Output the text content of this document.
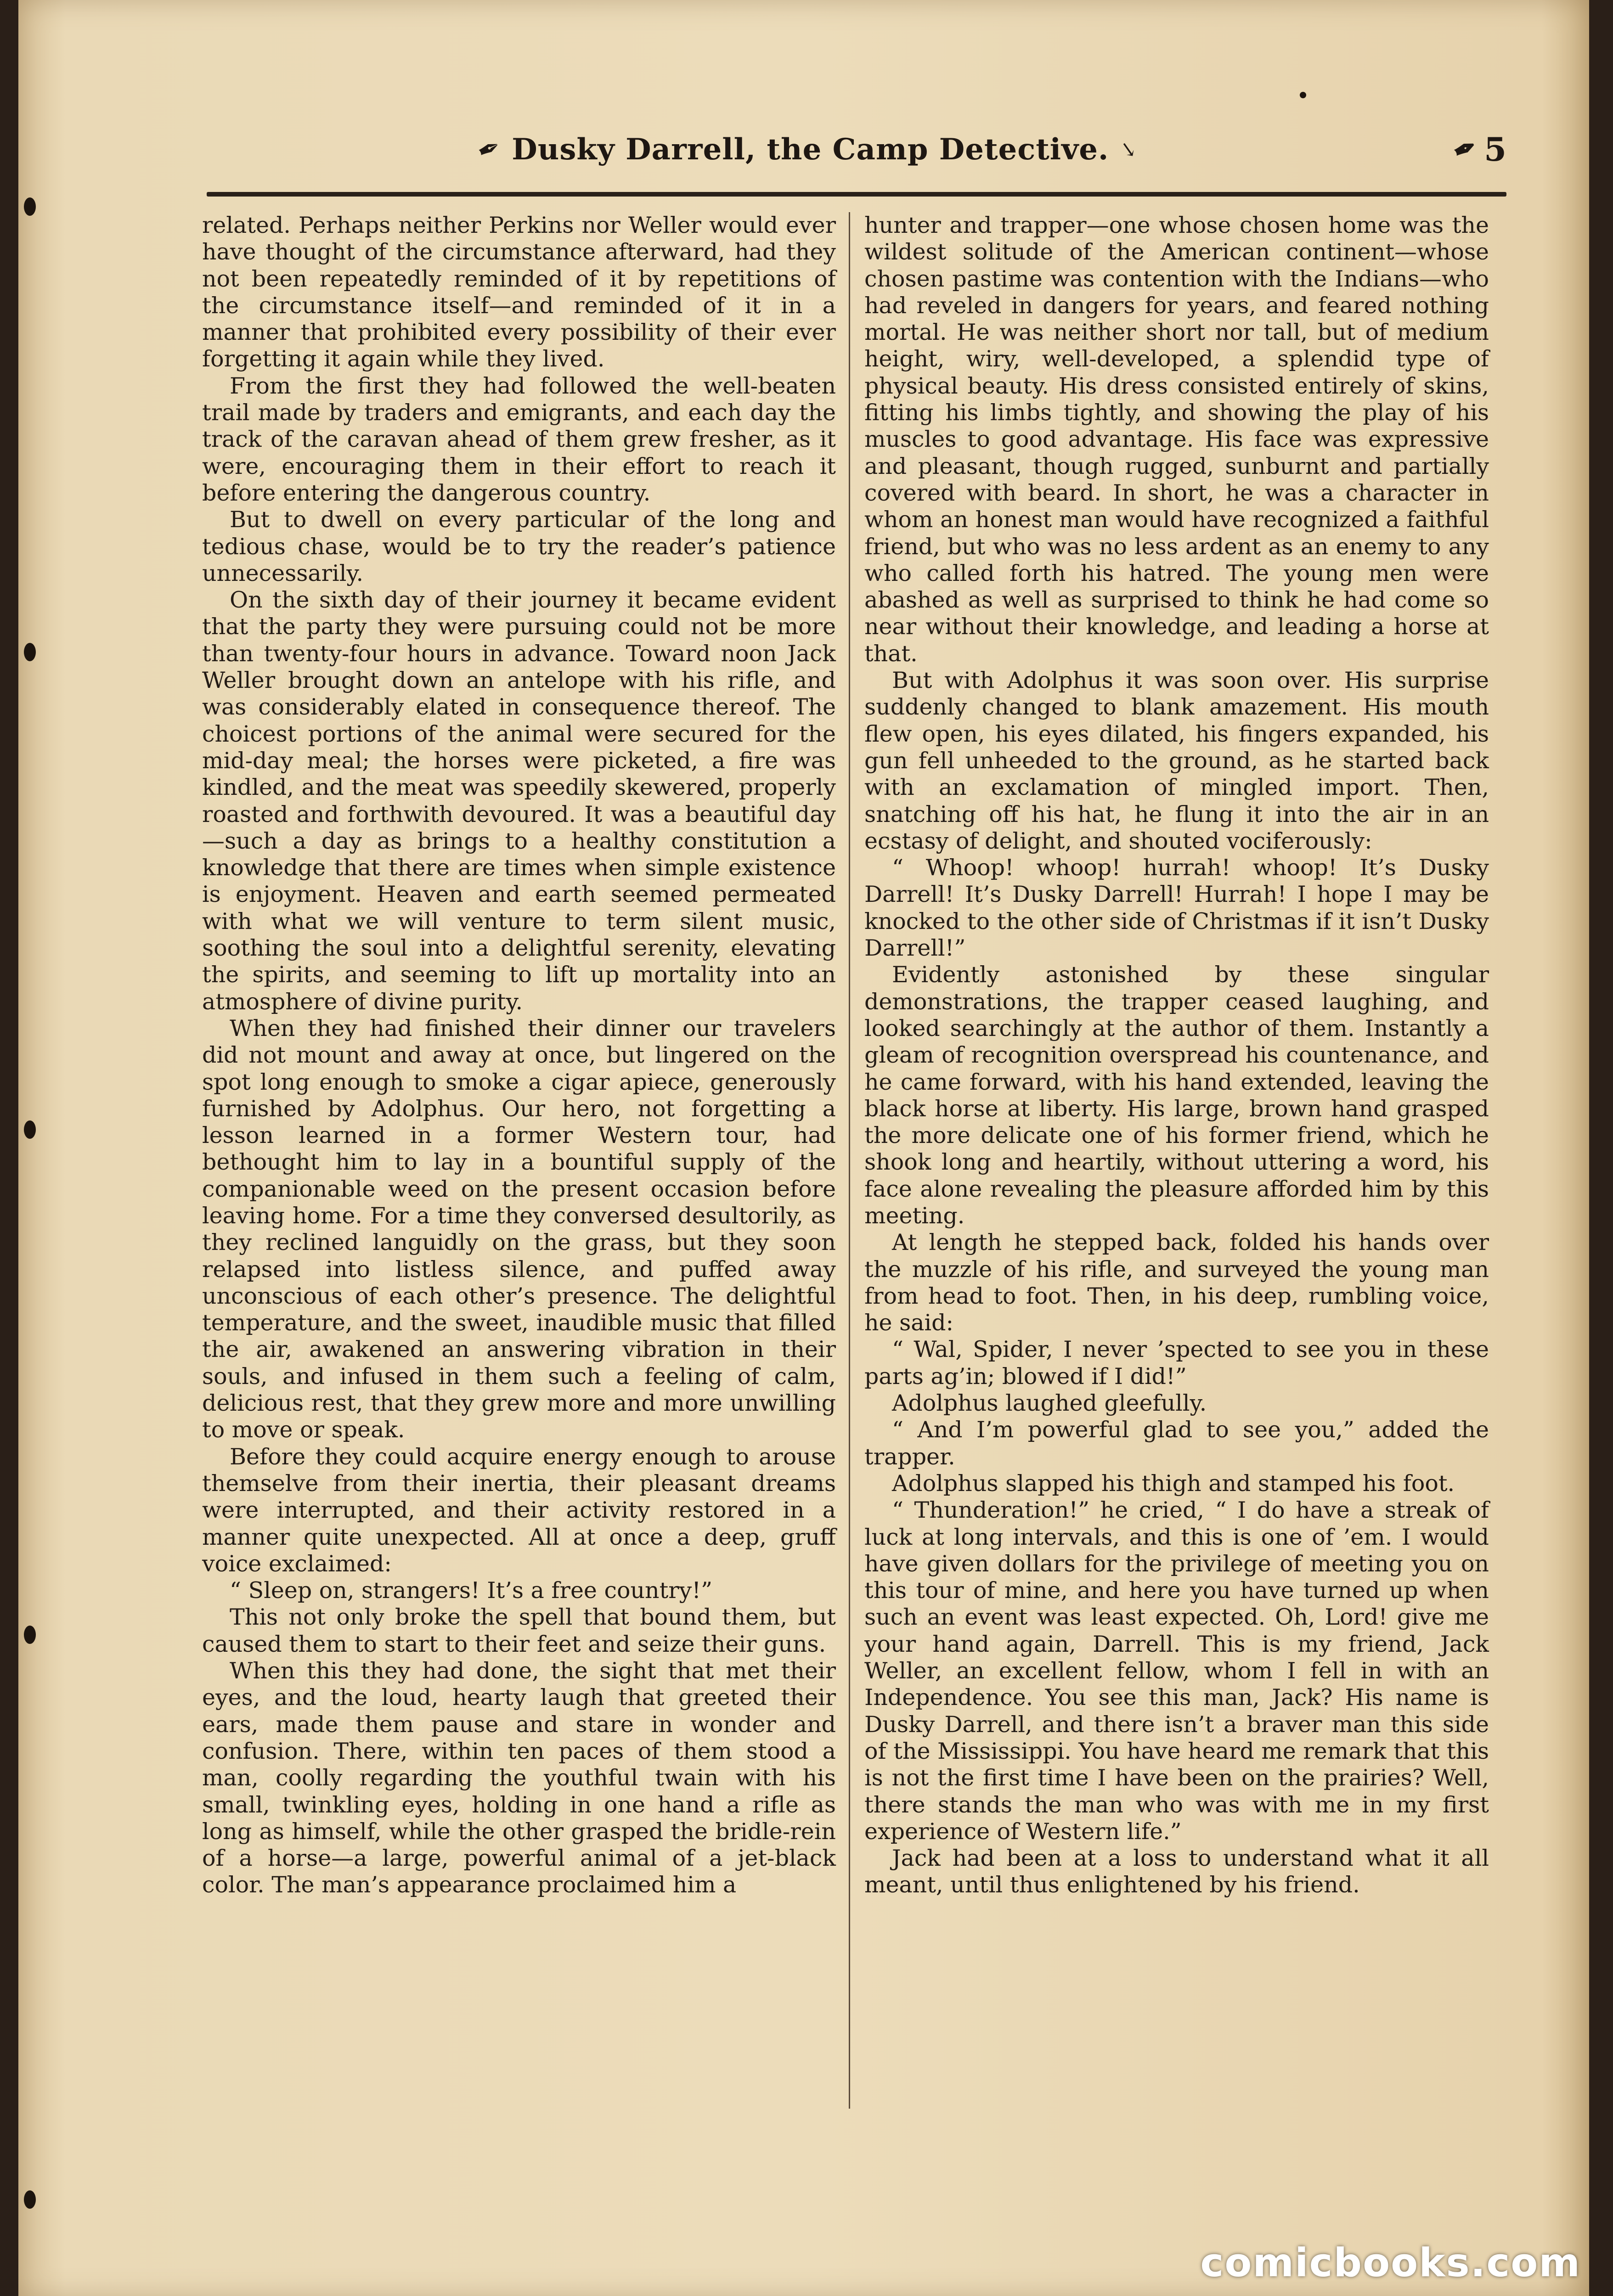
✒ Dusky Darrell, the Camp Detective. ↘	✒ 5

related. Perhaps neither Perkins nor Weller would ever have thought of the circumstance afterward, had they not been repeatedly reminded of it by repetitions of the circumstance itself—and reminded of it in a manner that prohibited every possibility of their ever forgetting it again while they lived.

From the first they had followed the well-beaten trail made by traders and emigrants, and each day the track of the caravan ahead of them grew fresher, as it were, encouraging them in their effort to reach it before entering the dangerous country.

But to dwell on every particular of the long and tedious chase, would be to try the reader’s patience unnecessarily.

On the sixth day of their journey it became evident that the party they were pursuing could not be more than twenty-four hours in advance. Toward noon Jack Weller brought down an antelope with his rifle, and was considerably elated in consequence thereof. The choicest portions of the animal were secured for the mid-day meal; the horses were picketed, a fire was kindled, and the meat was speedily skewered, properly roasted and forthwith devoured. It was a beautiful day—such a day as brings to a healthy constitution a knowledge that there are times when simple existence is enjoyment. Heaven and earth seemed permeated with what we will venture to term silent music, soothing the soul into a delightful serenity, elevating the spirits, and seeming to lift up mortality into an atmosphere of divine purity.

When they had finished their dinner our travelers did not mount and away at once, but lingered on the spot long enough to smoke a cigar apiece, generously furnished by Adolphus. Our hero, not forgetting a lesson learned in a former Western tour, had bethought him to lay in a bountiful supply of the companionable weed on the present occasion before leaving home. For a time they conversed desultorily, as they reclined languidly on the grass, but they soon relapsed into listless silence, and puffed away unconscious of each other’s presence. The delightful temperature, and the sweet, inaudible music that filled the air, awakened an answering vibration in their souls, and infused in them such a feeling of calm, delicious rest, that they grew more and more unwilling to move or speak.

Before they could acquire energy enough to arouse themselve from their inertia, their pleasant dreams were interrupted, and their activity restored in a manner quite unexpected. All at once a deep, gruff voice exclaimed:

“ Sleep on, strangers! It’s a free country!”

This not only broke the spell that bound them, but caused them to start to their feet and seize their guns.

When this they had done, the sight that met their eyes, and the loud, hearty laugh that greeted their ears, made them pause and stare in wonder and confusion. There, within ten paces of them stood a man, coolly regarding the youthful twain with his small, twinkling eyes, holding in one hand a rifle as long as himself, while the other grasped the bridle-rein of a horse—a large, powerful animal of a jet-black color. The man’s appearance proclaimed him a

hunter and trapper—one whose chosen home was the wildest solitude of the American continent—whose chosen pastime was contention with the Indians—who had reveled in dangers for years, and feared nothing mortal. He was neither short nor tall, but of medium height, wiry, well-developed, a splendid type of physical beauty. His dress consisted entirely of skins, fitting his limbs tightly, and showing the play of his muscles to good advantage. His face was expressive and pleasant, though rugged, sunburnt and partially covered with beard. In short, he was a character in whom an honest man would have recognized a faithful friend, but who was no less ardent as an enemy to any who called forth his hatred. The young men were abashed as well as surprised to think he had come so near without their knowledge, and leading a horse at that.

But with Adolphus it was soon over. His surprise suddenly changed to blank amazement. His mouth flew open, his eyes dilated, his fingers expanded, his gun fell unheeded to the ground, as he started back with an exclamation of mingled import. Then, snatching off his hat, he flung it into the air in an ecstasy of delight, and shouted vociferously:

“ Whoop! whoop! hurrah! whoop! It’s Dusky Darrell! It’s Dusky Darrell! Hurrah! I hope I may be knocked to the other side of Christmas if it isn’t Dusky Darrell!”

Evidently astonished by these singular demonstrations, the trapper ceased laughing, and looked searchingly at the author of them. Instantly a gleam of recognition overspread his countenance, and he came forward, with his hand extended, leaving the black horse at liberty. His large, brown hand grasped the more delicate one of his former friend, which he shook long and heartily, without uttering a word, his face alone revealing the pleasure afforded him by this meeting.

At length he stepped back, folded his hands over the muzzle of his rifle, and surveyed the young man from head to foot. Then, in his deep, rumbling voice, he said:

“ Wal, Spider, I never ’spected to see you in these parts ag’in; blowed if I did!”

Adolphus laughed gleefully.

“ And I’m powerful glad to see you,” added the trapper.

Adolphus slapped his thigh and stamped his foot.

“ Thunderation!” he cried, “ I do have a streak of luck at long intervals, and this is one of ’em. I would have given dollars for the privilege of meeting you on this tour of mine, and here you have turned up when such an event was least expected. Oh, Lord! give me your hand again, Darrell. This is my friend, Jack Weller, an excellent fellow, whom I fell in with an Independence. You see this man, Jack? His name is Dusky Darrell, and there isn’t a braver man this side of the Mississippi. You have heard me remark that this is not the first time I have been on the prairies? Well, there stands the man who was with me in my first experience of Western life.”

Jack had been at a loss to understand what it all meant, until thus enlightened by his friend.

comicbooks.com
